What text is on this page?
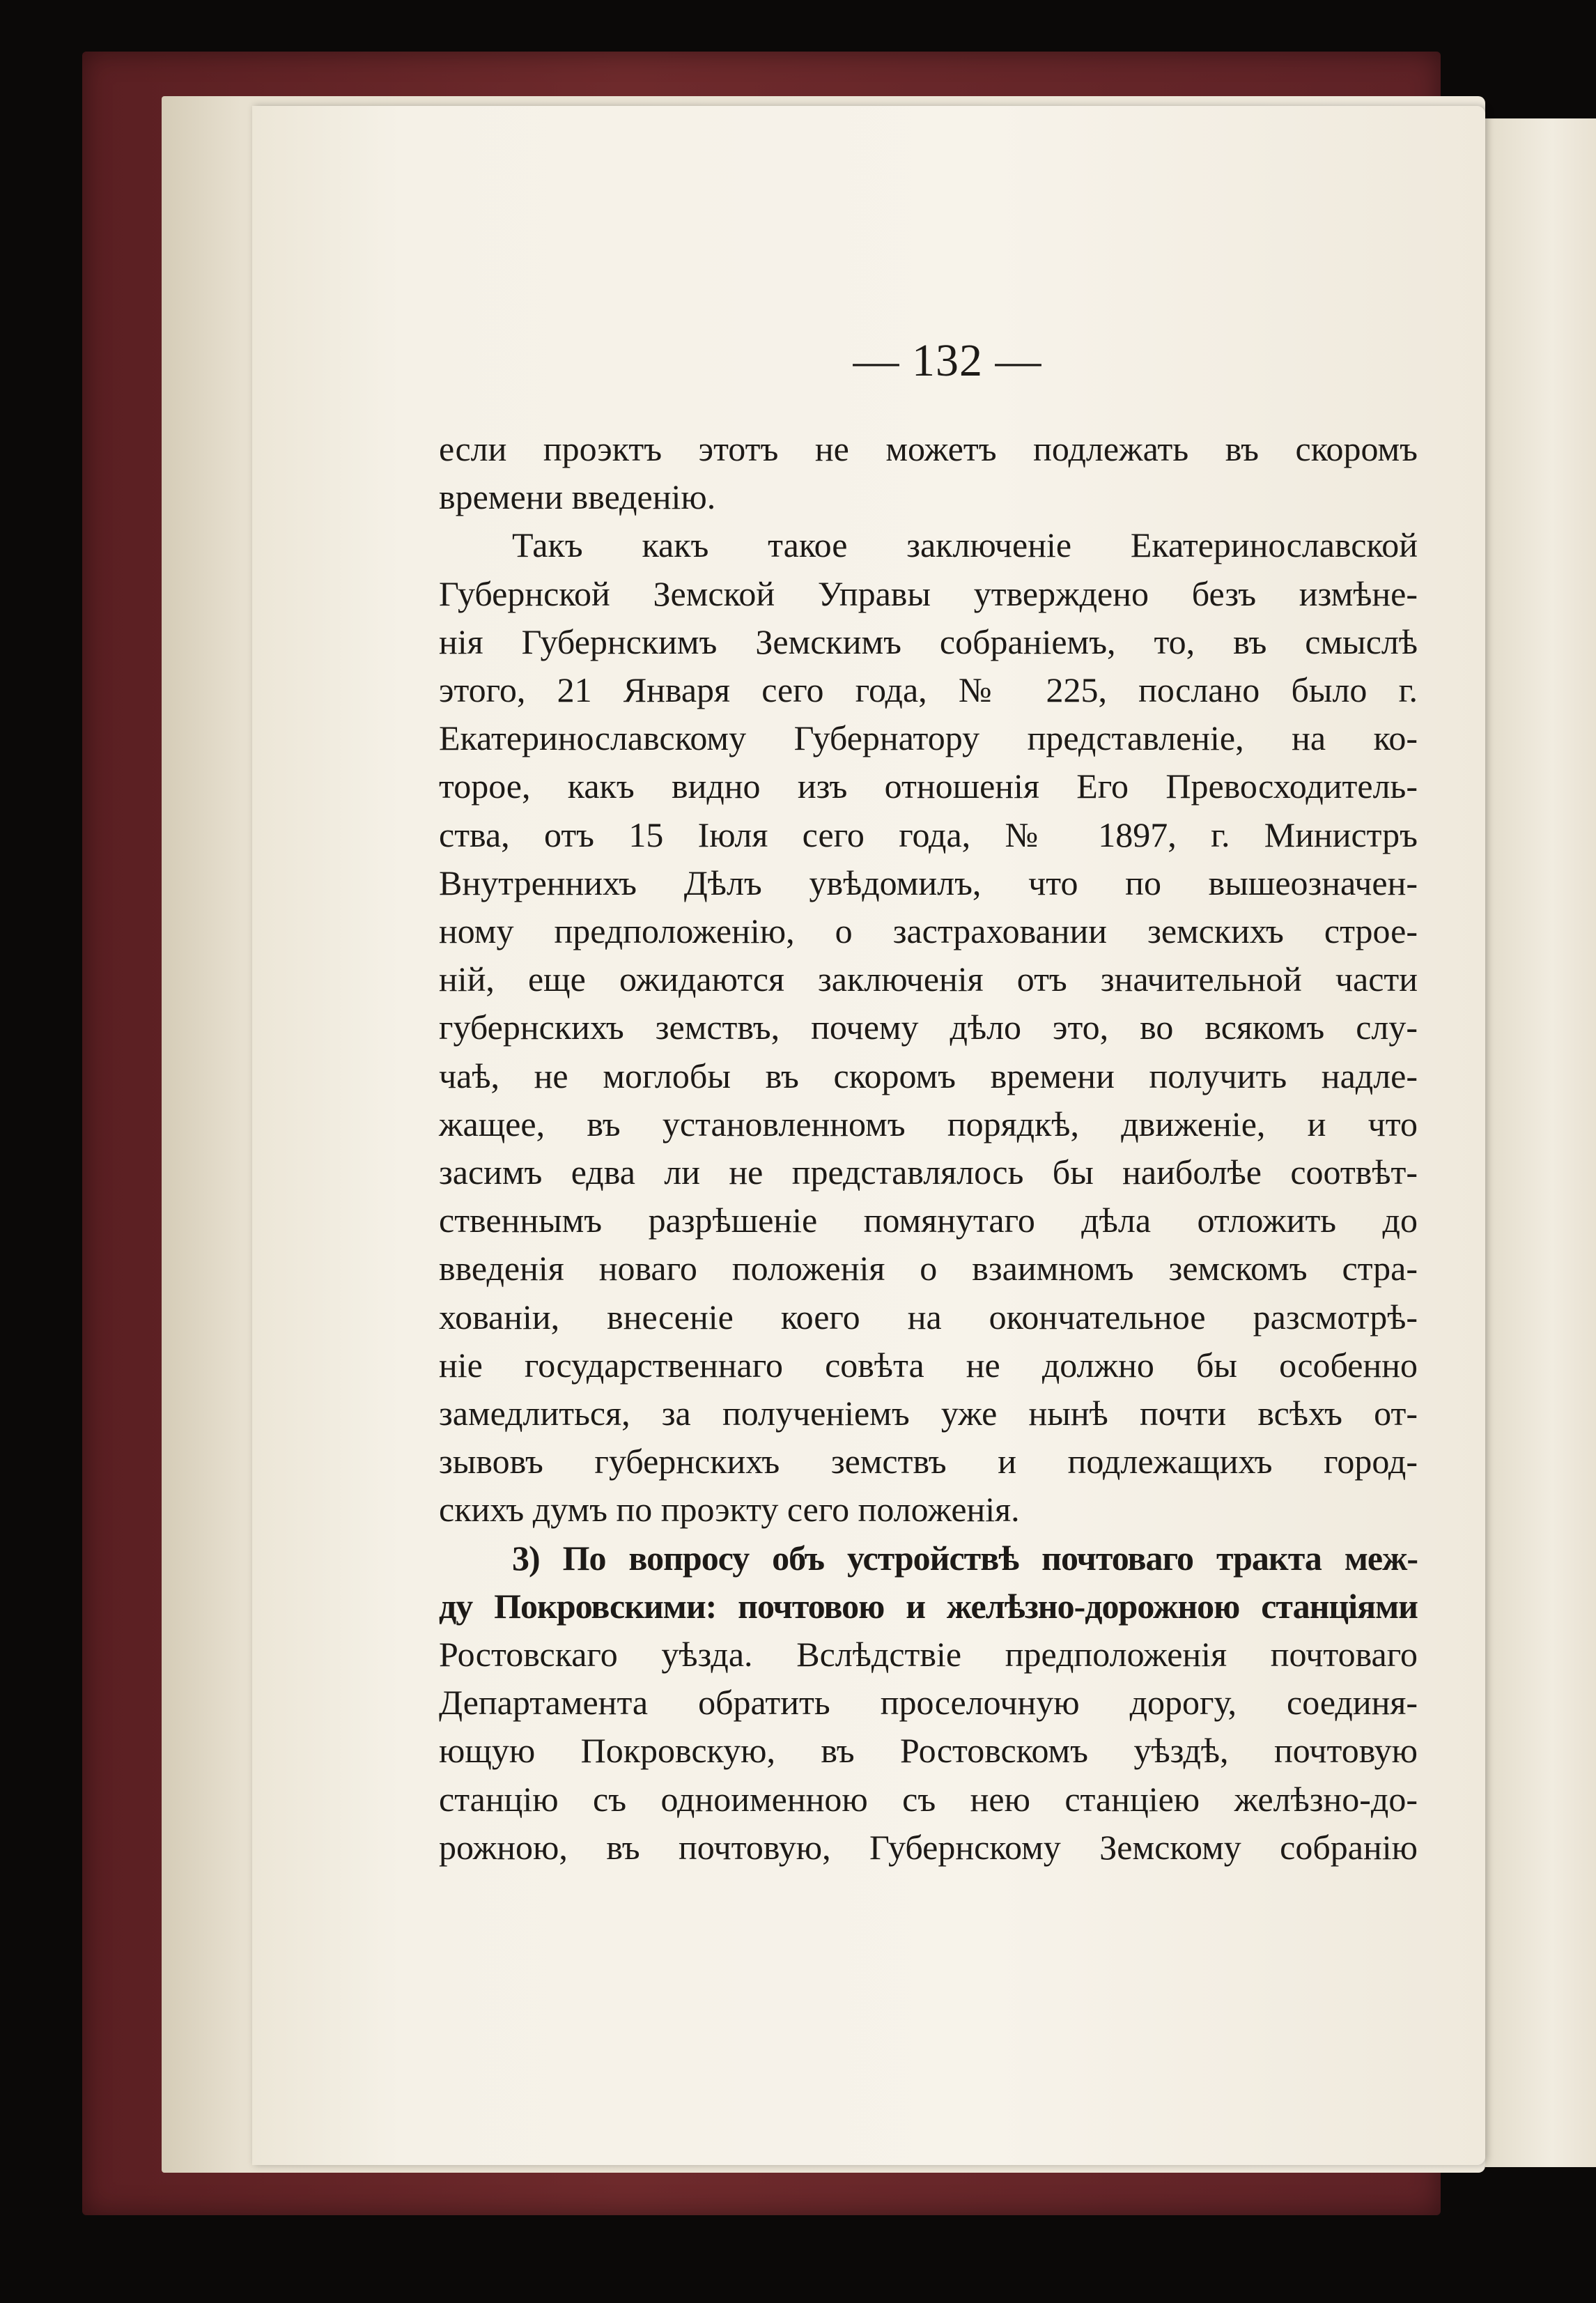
— 132 —
если проэктъ этотъ не можетъ подлежать въ скоромъ
времени введенію.
Такъ какъ такое заключеніе Екатеринославской
Губернской Земской Управы утверждено безъ измѣне-
нія Губернскимъ Земскимъ собраніемъ, то, въ смыслѣ
этого, 21 Января сего года, № 225, послано было г.
Екатеринославскому Губернатору представленіе, на ко-
торое, какъ видно изъ отношенія Его Превосходитель-
ства, отъ 15 Іюля сего года, № 1897, г. Министръ
Внутреннихъ Дѣлъ увѣдомилъ, что по вышеозначен-
ному предположенію, о застраховании земскихъ строе-
ній, еще ожидаются заключенія отъ значительной части
губернскихъ земствъ, почему дѣло это, во всякомъ слу-
чаѣ, не моглобы въ скоромъ времени получить надле-
жащее, въ установленномъ порядкѣ, движеніе, и что
засимъ едва ли не представлялось бы наиболѣе соотвѣт-
ственнымъ разрѣшеніе помянутаго дѣла отложить до
введенія новаго положенія о взаимномъ земскомъ стра-
хованіи, внесеніе коего на окончательное разсмотрѣ-
ніе государственнаго совѣта не должно бы особенно
замедлиться, за полученіемъ уже нынѣ почти всѣхъ от-
зывовъ губернскихъ земствъ и подлежащихъ город-
скихъ думъ по проэкту сего положенія.
3) По вопросу объ устройствѣ почтоваго тракта меж-
ду Покровскими: почтовою и желѣзно-дорожною станціями
Ростовскаго уѣзда. Вслѣдствіе предположенія почтоваго
Департамента обратить проселочную дорогу, соединя-
ющую Покровскую, въ Ростовскомъ уѣздѣ, почтовую
станцію съ одноименною съ нею станціею желѣзно-до-
рожною, въ почтовую, Губернскому Земскому собранію
